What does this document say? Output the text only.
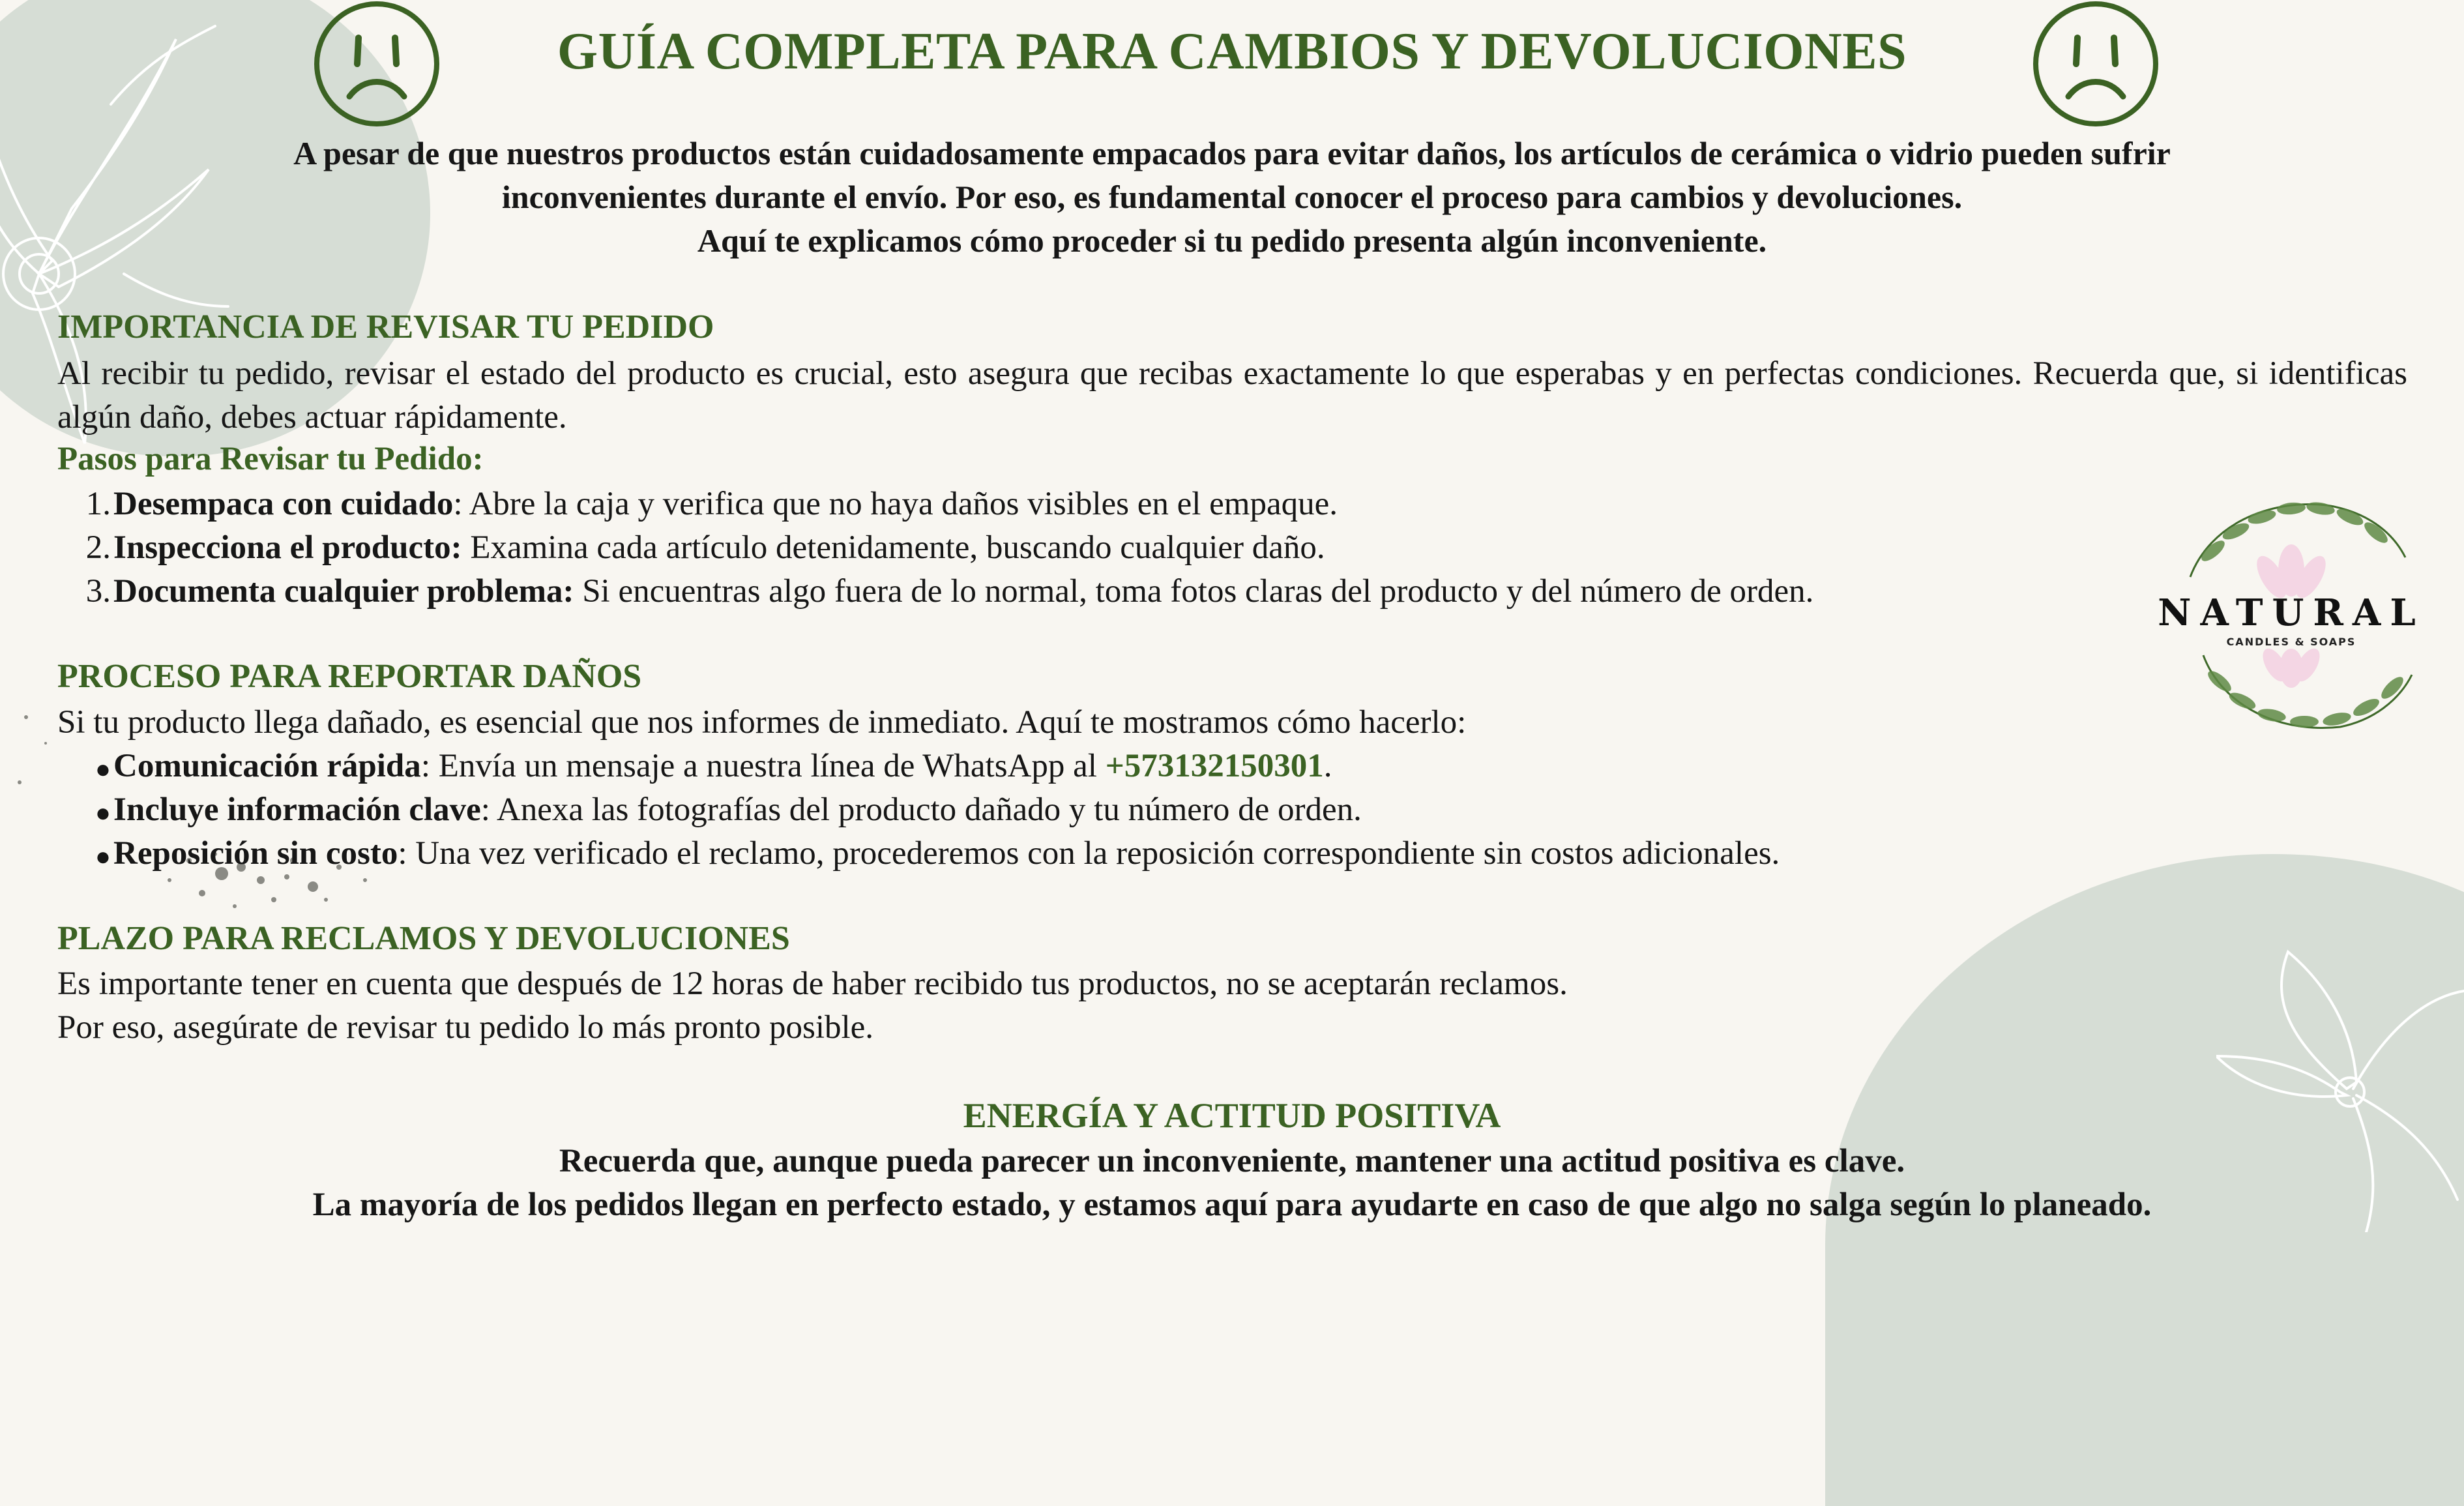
GUÍA COMPLETA PARA CAMBIOS Y DEVOLUCIONES
A pesar de que nuestros productos están cuidadosamente empacados para evitar daños, los artículos de cerámica o vidrio pueden sufrir
inconvenientes durante el envío. Por eso, es fundamental conocer el proceso para cambios y devoluciones.
Aquí te explicamos cómo proceder si tu pedido presenta algún inconveniente.
IMPORTANCIA DE REVISAR TU PEDIDO
Al recibir tu pedido, revisar el estado del producto es crucial, esto asegura que recibas exactamente lo que esperabas y en perfectas condiciones. Recuerda que, si identificas algún daño, debes actuar rápidamente.
Pasos para Revisar tu Pedido:
1.Desempaca con cuidado: Abre la caja y verifica que no haya daños visibles en el empaque.
2.Inspecciona el producto: Examina cada artículo detenidamente, buscando cualquier daño.
3.Documenta cualquier problema: Si encuentras algo fuera de lo normal, toma fotos claras del producto y del número de orden.
PROCESO PARA REPORTAR DAÑOS
Si tu producto llega dañado, es esencial que nos informes de inmediato. Aquí te mostramos cómo hacerlo:
●Comunicación rápida: Envía un mensaje a nuestra línea de WhatsApp al +573132150301.
●Incluye información clave: Anexa las fotografías del producto dañado y tu número de orden.
●Reposición sin costo: Una vez verificado el reclamo, procederemos con la reposición correspondiente sin costos adicionales.
PLAZO PARA RECLAMOS Y DEVOLUCIONES
Es importante tener en cuenta que después de 12 horas de haber recibido tus productos, no se aceptarán reclamos.
Por eso, asegúrate de revisar tu pedido lo más pronto posible.
ENERGÍA Y ACTITUD POSITIVA
Recuerda que, aunque pueda parecer un inconveniente, mantener una actitud positiva es clave.
La mayoría de los pedidos llegan en perfecto estado, y estamos aquí para ayudarte en caso de que algo no salga según lo planeado.
NATURAL
CANDLES & SOAPS
